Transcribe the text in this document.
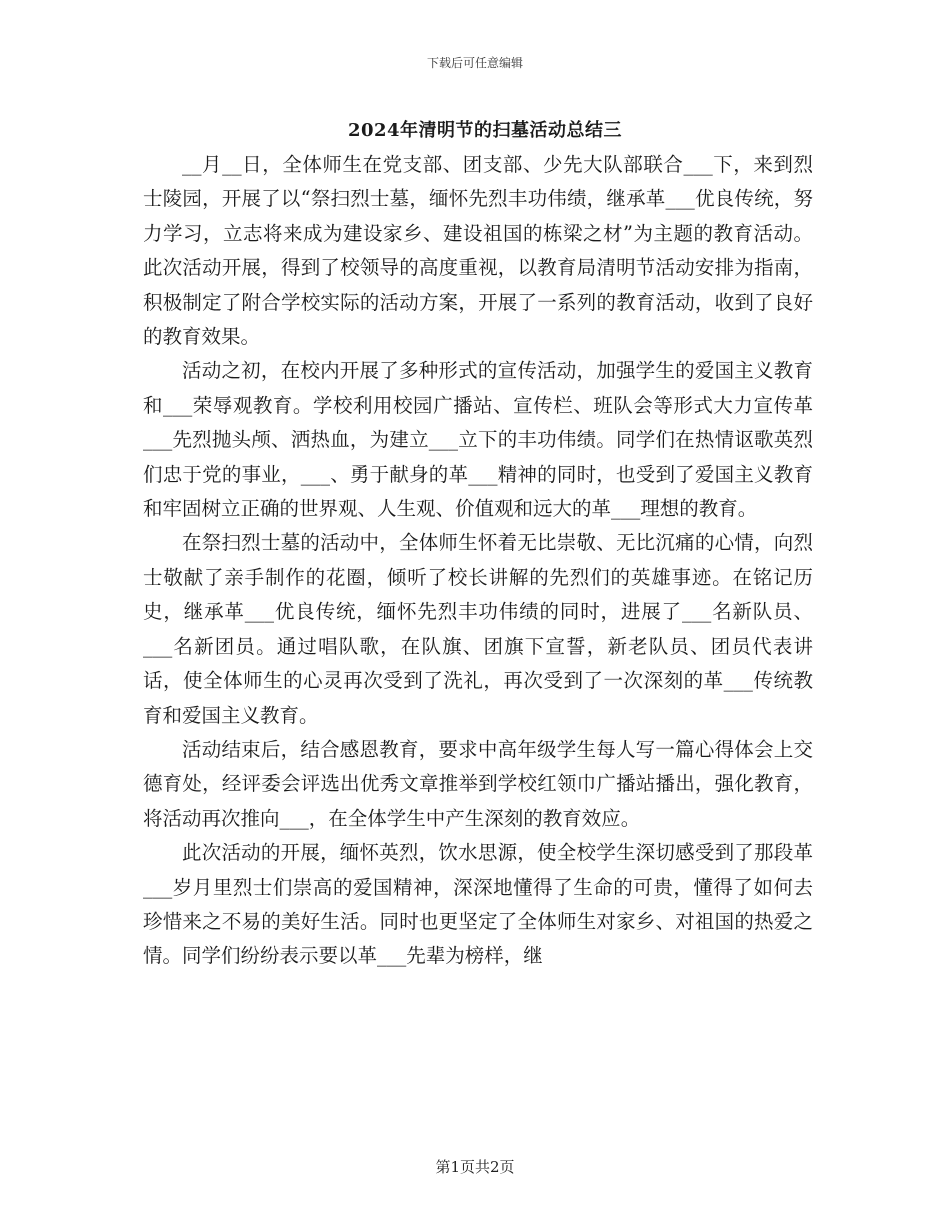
下载后可任意编辑
2024年清明节的扫墓活动总结三

__月__日，全体师生在党支部、团支部、少先大队部联合___下，来到烈士陵园，开展了以“祭扫烈士墓，缅怀先烈丰功伟绩，继承革___优良传统，努力学习，立志将来成为建设家乡、建设祖国的栋梁之材”为主题的教育活动。此次活动开展，得到了校领导的高度重视，以教育局清明节活动安排为指南，积极制定了附合学校实际的活动方案，开展了一系列的教育活动，收到了良好的教育效果。

活动之初，在校内开展了多种形式的宣传活动，加强学生的爱国主义教育和___荣辱观教育。学校利用校园广播站、宣传栏、班队会等形式大力宣传革___先烈抛头颅、洒热血，为建立___立下的丰功伟绩。同学们在热情讴歌英烈们忠于党的事业，___、勇于献身的革___精神的同时，也受到了爱国主义教育和牢固树立正确的世界观、人生观、价值观和远大的革___理想的教育。

在祭扫烈士墓的活动中，全体师生怀着无比崇敬、无比沉痛的心情，向烈士敬献了亲手制作的花圈，倾听了校长讲解的先烈们的英雄事迹。在铭记历史，继承革___优良传统，缅怀先烈丰功伟绩的同时，进展了___名新队员、___名新团员。通过唱队歌，在队旗、团旗下宣誓，新老队员、团员代表讲话，使全体师生的心灵再次受到了洗礼，再次受到了一次深刻的革___传统教育和爱国主义教育。

活动结束后，结合感恩教育，要求中高年级学生每人写一篇心得体会上交德育处，经评委会评选出优秀文章推举到学校红领巾广播站播出，强化教育，将活动再次推向___，在全体学生中产生深刻的教育效应。

此次活动的开展，缅怀英烈，饮水思源，使全校学生深切感受到了那段革___岁月里烈士们崇高的爱国精神，深深地懂得了生命的可贵，懂得了如何去珍惜来之不易的美好生活。同时也更坚定了全体师生对家乡、对祖国的热爱之情。同学们纷纷表示要以革___先辈为榜样，继

第1页共2页
